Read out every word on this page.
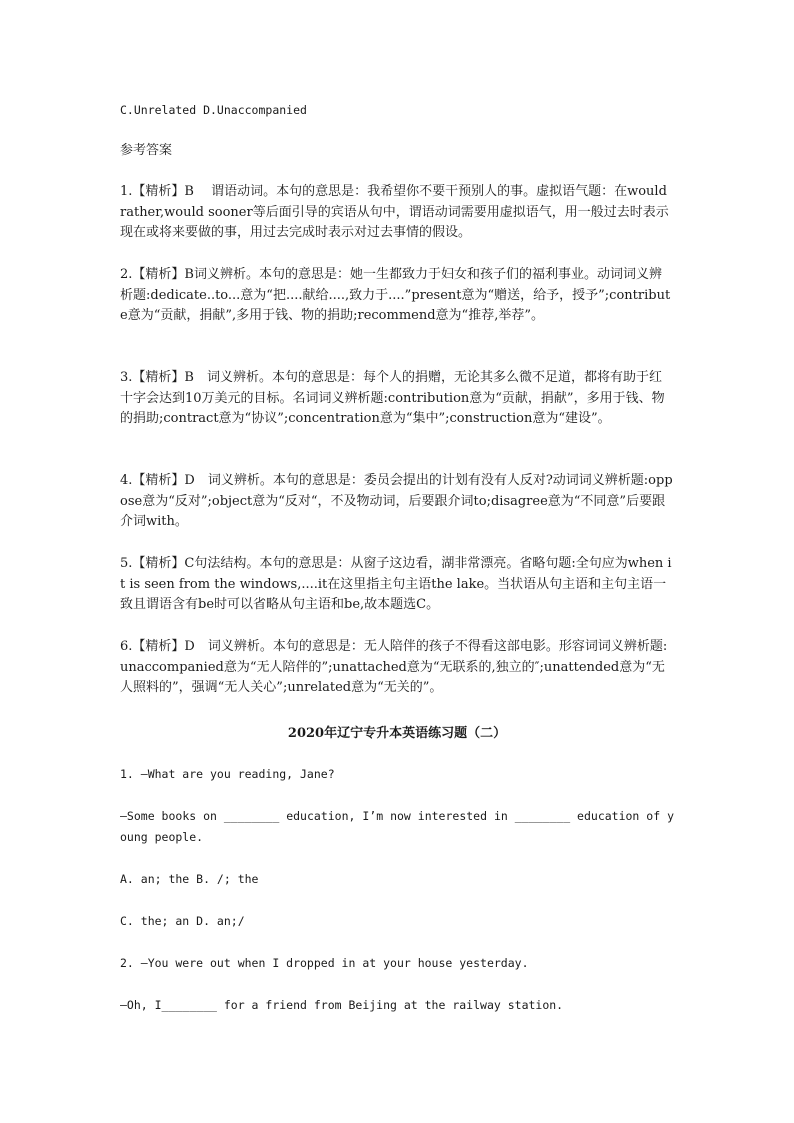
C.Unrelated D.Unaccompanied

参考答案

1.【精析】B　 谓语动词。本句的意思是：我希望你不要干预别人的事。虚拟语气题：在would rather,would sooner等后面引导的宾语从句中，谓语动词需要用虚拟语气，用一般过去时表示现在或将来要做的事，用过去完成时表示对过去事情的假设。

2.【精析】B词义辨析。本句的意思是：她一生都致力于妇女和孩子们的福利事业。动词词义辨析题:dedicate..to...意为“把....献给....,致力于....”present意为“赠送，给予，授予”;contribute意为“贡献，捐献”,多用于钱、物的捐助;recommend意为“推荐,举荐”。

3.【精析】B　词义辨析。本句的意思是：每个人的捐赠，无论其多么微不足道，都将有助于红十字会达到10万美元的目标。名词词义辨析题:contribution意为“贡献，捐献”，多用于钱、物的捐助;contract意为“协议”;concentration意为“集中”;construction意为“建设”。

4.【精析】D　词义辨析。本句的意思是：委员会提出的计划有没有人反对?动词词义辨析题:oppose意为“反对”;object意为“反对“，不及物动词，后要跟介词to;disagree意为“不同意”后要跟介词with。

5.【精析】C句法结构。本句的意思是：从窗子这边看，湖非常漂亮。省略句题:全句应为when it is seen from the windows,....it在这里指主句主语the lake。当状语从句主语和主句主语一致且谓语含有be时可以省略从句主语和be,故本题选C。

6.【精析】D　词义辨析。本句的意思是：无人陪伴的孩子不得看这部电影。形容词词义辨析题:unaccompanied意为“无人陪伴的”;unattached意为“无联系的,独立的″;unattended意为“无人照料的”，强调“无人关心”;unrelated意为“无关的”。

2020年辽宁专升本英语练习题（二）

1. —What are you reading, Jane?

—Some books on ________ education, I’m now interested in ________ education of young people.

A. an; the B. /; the

C. the; an D. an;/

2. —You were out when I dropped in at your house yesterday.

—Oh, I________ for a friend from Beijing at the railway station.
